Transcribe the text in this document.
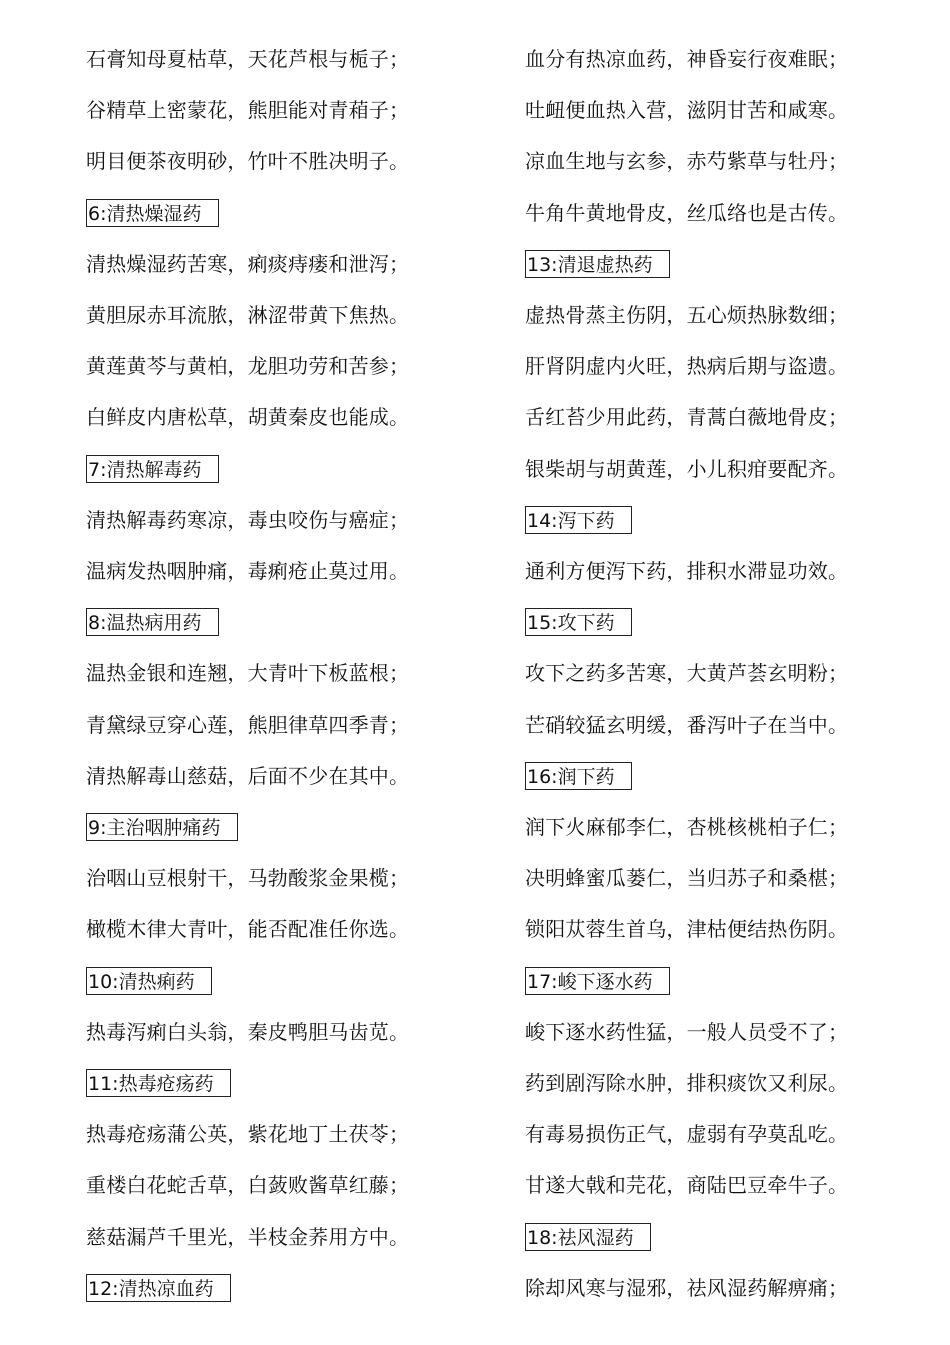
石膏知母夏枯草，天花芦根与栀子；
谷精草上密蒙花，熊胆能对青葙子；
明目便茶夜明砂，竹叶不胜决明子。
6:清热燥湿药
清热燥湿药苦寒，痢痰痔瘘和泄泻；
黄胆尿赤耳流脓，淋涩带黄下焦热。
黄莲黄芩与黄柏，龙胆功劳和苦参；
白鲜皮内唐松草，胡黄秦皮也能成。
7:清热解毒药
清热解毒药寒凉，毒虫咬伤与癌症；
温病发热咽肿痛，毒痢疮止莫过用。
8:温热病用药
温热金银和连翘，大青叶下板蓝根；
青黛绿豆穿心莲，熊胆律草四季青；
清热解毒山慈菇，后面不少在其中。
9:主治咽肿痛药
治咽山豆根射干，马勃酸浆金果榄；
橄榄木律大青叶，能否配准任你选。
10:清热痢药
热毒泻痢白头翁，秦皮鸭胆马齿苋。
11:热毒疮疡药
热毒疮疡蒲公英，紫花地丁土茯苓；
重楼白花蛇舌草，白蔹败酱草红藤；
慈菇漏芦千里光，半枝金荞用方中。
12:清热凉血药
血分有热凉血药，神昏妄行夜难眠；
吐衄便血热入营，滋阴甘苦和咸寒。
凉血生地与玄参，赤芍紫草与牡丹；
牛角牛黄地骨皮，丝瓜络也是古传。
13:清退虚热药
虚热骨蒸主伤阴，五心烦热脉数细；
肝肾阴虚内火旺，热病后期与盗遗。
舌红苔少用此药，青蒿白薇地骨皮；
银柴胡与胡黄莲，小儿积疳要配齐。
14:泻下药
通利方便泻下药，排积水滞显功效。
15:攻下药
攻下之药多苦寒，大黄芦荟玄明粉；
芒硝较猛玄明缓，番泻叶子在当中。
16:润下药
润下火麻郁李仁，杏桃核桃柏子仁；
决明蜂蜜瓜蒌仁，当归苏子和桑椹；
锁阳苁蓉生首乌，津枯便结热伤阴。
17:峻下逐水药
峻下逐水药性猛，一般人员受不了；
药到剧泻除水肿，排积痰饮又利尿。
有毒易损伤正气，虚弱有孕莫乱吃。
甘遂大戟和芫花，商陆巴豆牵牛子。
18:祛风湿药
除却风寒与湿邪，祛风湿药解痹痛；
